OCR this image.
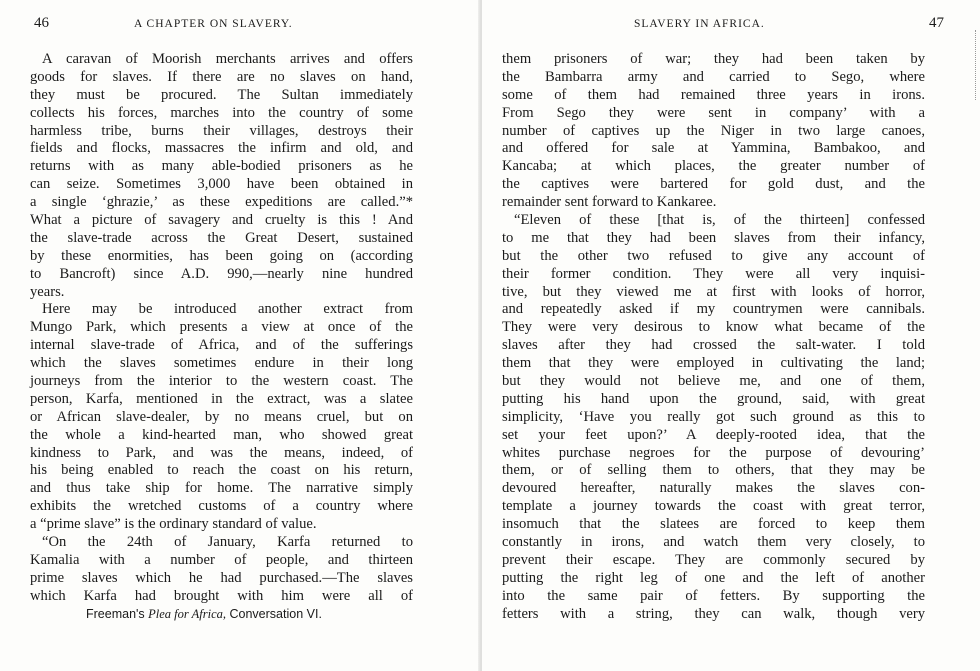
46	A CHAPTER ON SLAVERY.
A caravan of Moorish merchants arrives and offers
goods for slaves. If there are no slaves on hand,
they must be procured. The Sultan immediately
collects his forces, marches into the country of some
harmless tribe, burns their villages, destroys their
fields and flocks, massacres the infirm and old, and
returns with as many able-bodied prisoners as he
can seize. Sometimes 3,000 have been obtained in
a single ‘ghrazie,’ as these expeditions are called.”*
What a picture of savagery and cruelty is this ! And
the slave-trade across the Great Desert, sustained
by these enormities, has been going on (according
to Bancroft) since A.D. 990,—nearly nine hundred
years.
Here may be introduced another extract from
Mungo Park, which presents a view at once of the
internal slave-trade of Africa, and of the sufferings
which the slaves sometimes endure in their long
journeys from the interior to the western coast. The
person, Karfa, mentioned in the extract, was a slatee
or African slave-dealer, by no means cruel, but on
the whole a kind-hearted man, who showed great
kindness to Park, and was the means, indeed, of
his being enabled to reach the coast on his return,
and thus take ship for home. The narrative simply
exhibits the wretched customs of a country where
a “prime slave” is the ordinary standard of value.
“On the 24th of January, Karfa returned to
Kamalia with a number of people, and thirteen
prime slaves which he had purchased.—The slaves
which Karfa had brought with him were all of
Freeman's Plea for Africa, Conversation VI.
SLAVERY IN AFRICA.	47
them prisoners of war; they had been taken by
the Bambarra army and carried to Sego, where
some of them had remained three years in irons.
From Sego they were sent in company’ with a
number of captives up the Niger in two large canoes,
and offered for sale at Yammina, Bambakoo, and
Kancaba; at which places, the greater number of
the captives were bartered for gold dust, and the
remainder sent forward to Kankaree.
“Eleven of these [that is, of the thirteen] confessed
to me that they had been slaves from their infancy,
but the other two refused to give any account of
their former condition. They were all very inquisi-
tive, but they viewed me at first with looks of horror,
and repeatedly asked if my countrymen were cannibals.
They were very desirous to know what became of the
slaves after they had crossed the salt-water. I told
them that they were employed in cultivating the land;
but they would not believe me, and one of them,
putting his hand upon the ground, said, with great
simplicity, ‘Have you really got such ground as this to
set your feet upon?’ A deeply-rooted idea, that the
whites purchase negroes for the purpose of devouring’
them, or of selling them to others, that they may be
devoured hereafter, naturally makes the slaves con-
template a journey towards the coast with great terror,
insomuch that the slatees are forced to keep them
constantly in irons, and watch them very closely, to
prevent their escape. They are commonly secured by
putting the right leg of one and the left of another
into the same pair of fetters. By supporting the
fetters with a string, they can walk, though very
